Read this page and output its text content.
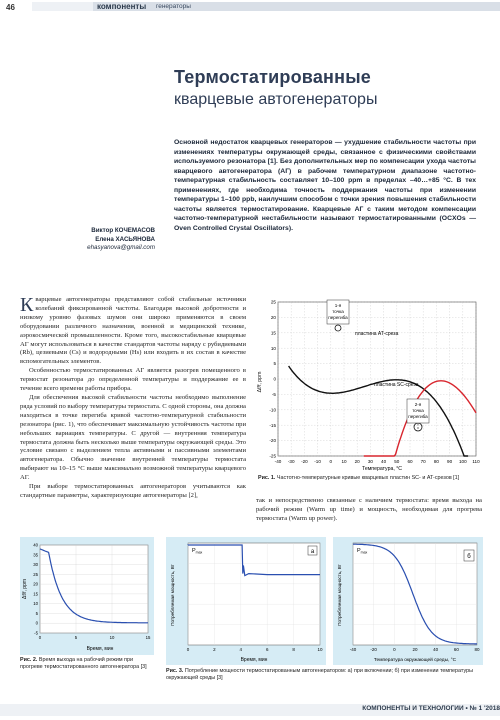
46	компоненты генераторы
Термостатированные
кварцевые автогенераторы
Основной недостаток кварцевых генераторов — ухудшение стабильности частоты при изменениях температуры окружающей среды, связанное с физическими свойствами используемого резонатора [1]. Без дополнительных мер по компенсации ухода частоты кварцевого автогенератора (АГ) в рабочем температурном диапазоне частотно-температурная стабильность составляет 10–100 ppm в пределах –40…+85 °C. В тех применениях, где необходима точность поддержания частоты при изменении температуры 1–100 ppb, наилучшим способом с точки зрения повышения стабильности частоты является термостатирование. Кварцевые АГ с таким методом компенсации частотно-температурной нестабильности называют термостатированными (OCXOs — Oven Controlled Crystal Oscillators).
Виктор КОЧЕМАСОВ
Елена ХАСЬЯНОВА
ehasyanova@gmail.com

Кварцевые автогенераторы представляют собой стабильные источники колебаний фиксированной частоты. Благодаря высокой добротности и низкому уровню фазовых шумов они широко применяются в своем оборудовании различного назначения, военной и медицинской технике, аэрокосмической промышленности. Кроме того, высокостабильные кварцевые АГ могут использоваться в качестве стандартов частоты наряду с рубидиевыми (Rb), цезиевыми (Cs) и водородными (Hs) или входить в их состав в качестве вспомогательных элементов.

Особенностью термостатированных АГ является разогрев помещенного в термостат резонатора до определенной температуры и поддержание ее в течение всего времени работы прибора.

Для обеспечения высокой стабильности частоты необходимо выполнение ряда условий по выбору температуры термостата. С одной стороны, она должна находиться в точке перегиба кривой частотно-температурной стабильности резонатора (рис. 1), что обеспечивает максимальную устойчивость частоты при небольших вариациях температуры. С другой — внутренняя температура термостата должна быть несколько выше температуры окружающей среды. Это условие связано с выделением тепла активными и пассивными элементами автогенератора. Обычно значение внутренней температуры термостата выбирают на 10–15 °C выше максимально возможной температуры кварцевого АГ.

При выборе термостатированных автогенераторов учитываются как стандартные параметры, характеризующие автогенераторы [2],

так и непосредственно связанные с наличием термостата: время выхода на рабочий режим (Warm up time) и мощность, необходимая для прогрева термостата (Warm up power).

-40 -30 -20 -10 0 10 20 30 40 50 60 70 80 90 100 110
25
20
15
10
5
0
-5
-10
-15
-20
-25
1-я
точка
перегиба
2-я
точка
перегиба
пластина AT-среза
пластина SC-среза
Δf/f, ppm
Температура, °C
Рис. 1. Частотно-температурные кривые кварцевых пластин SC- и AT-срезов [1]
40
35
30
25
20
15
10
5
0
-5
0	5	10	15
Δf/f, ppm
Время, мин
Рис. 2. Время выхода на рабочий режим при прогреве термостатированного автогенератора [3]
0	2	4	6	8	10
а
$P_{max}$
Потребляемая мощность, Вт
Время, мин
-40	-20	0	20	40	60	80
б
$P_{max}$
Потребляемая мощность, Вт
Температура окружающей среды, °C
Рис. 3. Потребление мощности термостатированным автогенератором: а) при включении; б) при изменении температуры окружающей среды [3]
КОМПОНЕНТЫ И ТЕХНОЛОГИИ • № 1 '2018
